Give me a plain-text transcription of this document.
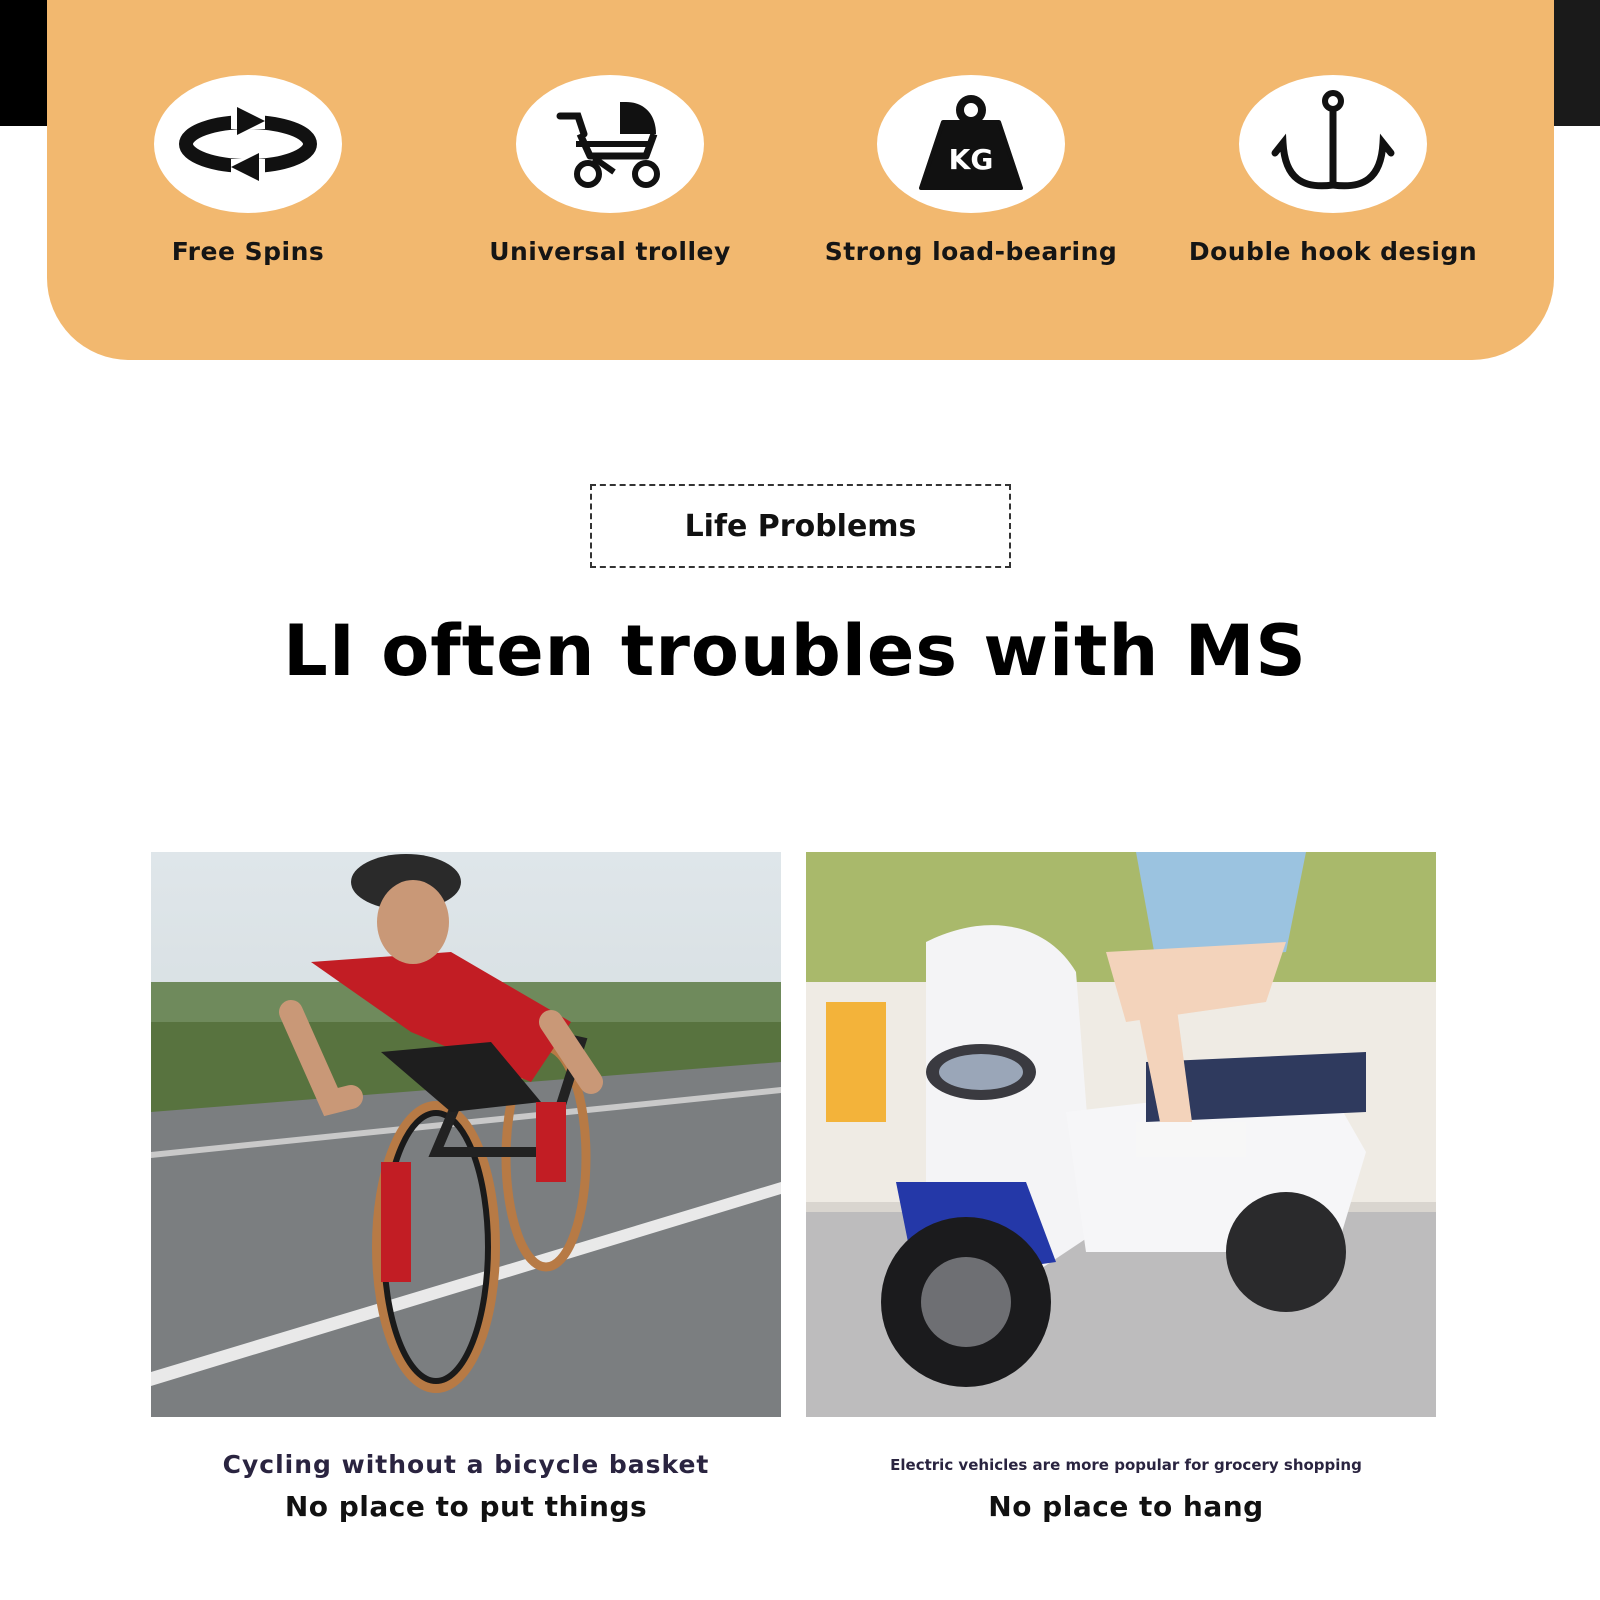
Free Spins	Universal trolley
KG
Strong load-bearing	Double hook design
Life Problems
LI often troubles with MS
Cycling without a bicycle basket
No place to put things
Electric vehicles are more popular for grocery shopping
No place to hang
